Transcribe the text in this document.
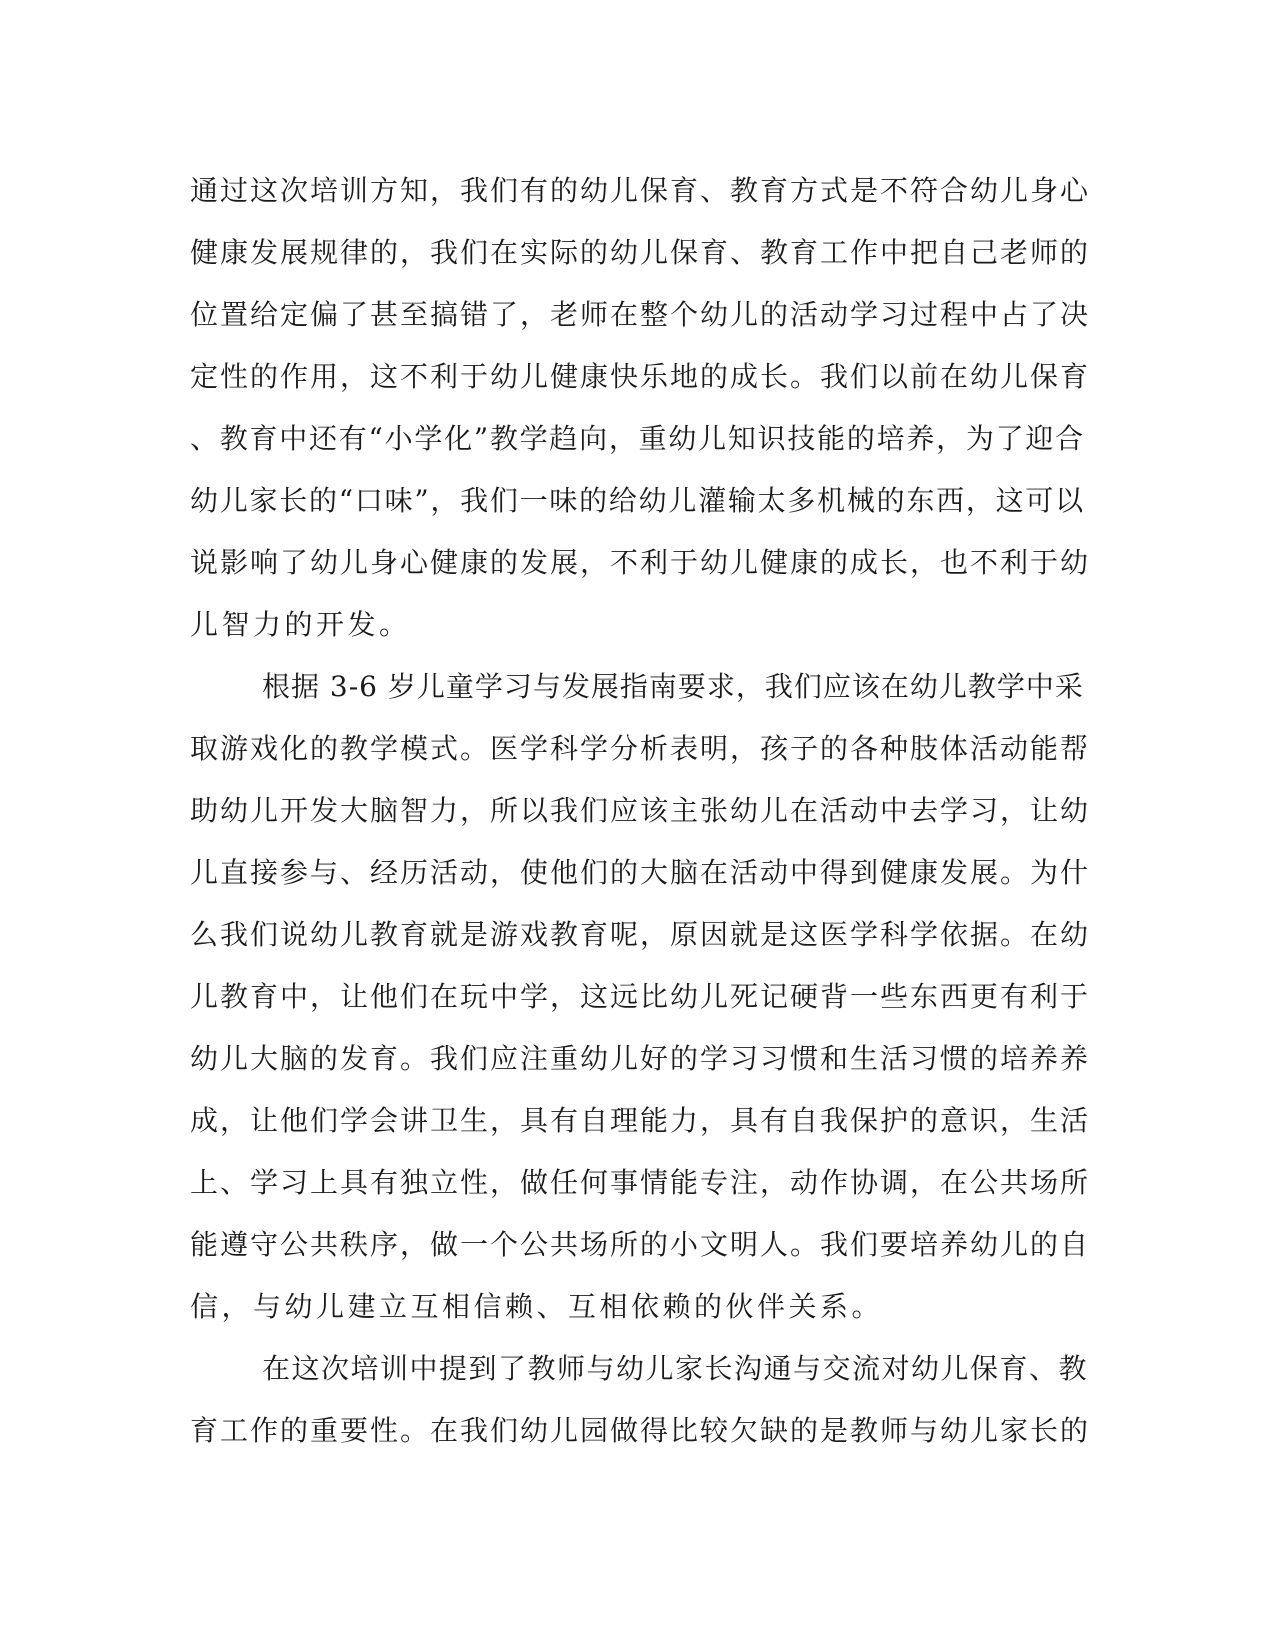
通过这次培训方知，我们有的幼儿保育、教育方式是不符合幼儿身心
健康发展规律的，我们在实际的幼儿保育、教育工作中把自己老师的
位置给定偏了甚至搞错了，老师在整个幼儿的活动学习过程中占了决
定性的作用，这不利于幼儿健康快乐地的成长。我们以前在幼儿保育
、教育中还有“小学化”教学趋向，重幼儿知识技能的培养，为了迎合
幼儿家长的“口味”，我们一味的给幼儿灌输太多机械的东西，这可以
说影响了幼儿身心健康的发展，不利于幼儿健康的成长，也不利于幼
儿智力的开发。
根据 3-6 岁儿童学习与发展指南要求，我们应该在幼儿教学中采
取游戏化的教学模式。医学科学分析表明，孩子的各种肢体活动能帮
助幼儿开发大脑智力，所以我们应该主张幼儿在活动中去学习，让幼
儿直接参与、经历活动，使他们的大脑在活动中得到健康发展。为什
么我们说幼儿教育就是游戏教育呢，原因就是这医学科学依据。在幼
儿教育中，让他们在玩中学，这远比幼儿死记硬背一些东西更有利于
幼儿大脑的发育。我们应注重幼儿好的学习习惯和生活习惯的培养养
成，让他们学会讲卫生，具有自理能力，具有自我保护的意识，生活
上、学习上具有独立性，做任何事情能专注，动作协调，在公共场所
能遵守公共秩序，做一个公共场所的小文明人。我们要培养幼儿的自
信，与幼儿建立互相信赖、互相依赖的伙伴关系。
在这次培训中提到了教师与幼儿家长沟通与交流对幼儿保育、教
育工作的重要性。在我们幼儿园做得比较欠缺的是教师与幼儿家长的
